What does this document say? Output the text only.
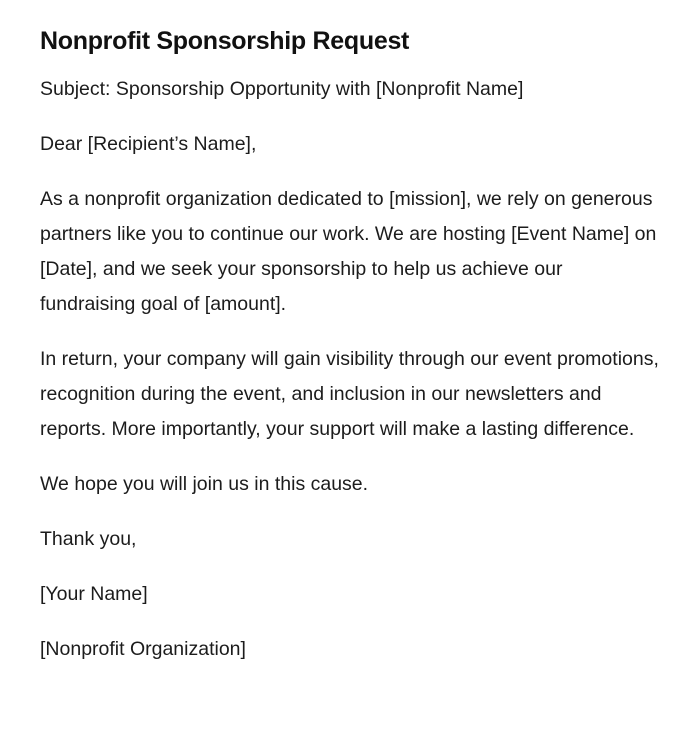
Nonprofit Sponsorship Request

Subject: Sponsorship Opportunity with [Nonprofit Name]

Dear [Recipient’s Name],

As a nonprofit organization dedicated to [mission], we rely on generous partners like you to continue our work. We are hosting [Event Name] on [Date], and we seek your sponsorship to help us achieve our fundraising goal of [amount].

In return, your company will gain visibility through our event promotions, recognition during the event, and inclusion in our newsletters and reports. More importantly, your support will make a lasting difference.

We hope you will join us in this cause.

Thank you,

[Your Name]

[Nonprofit Organization]
